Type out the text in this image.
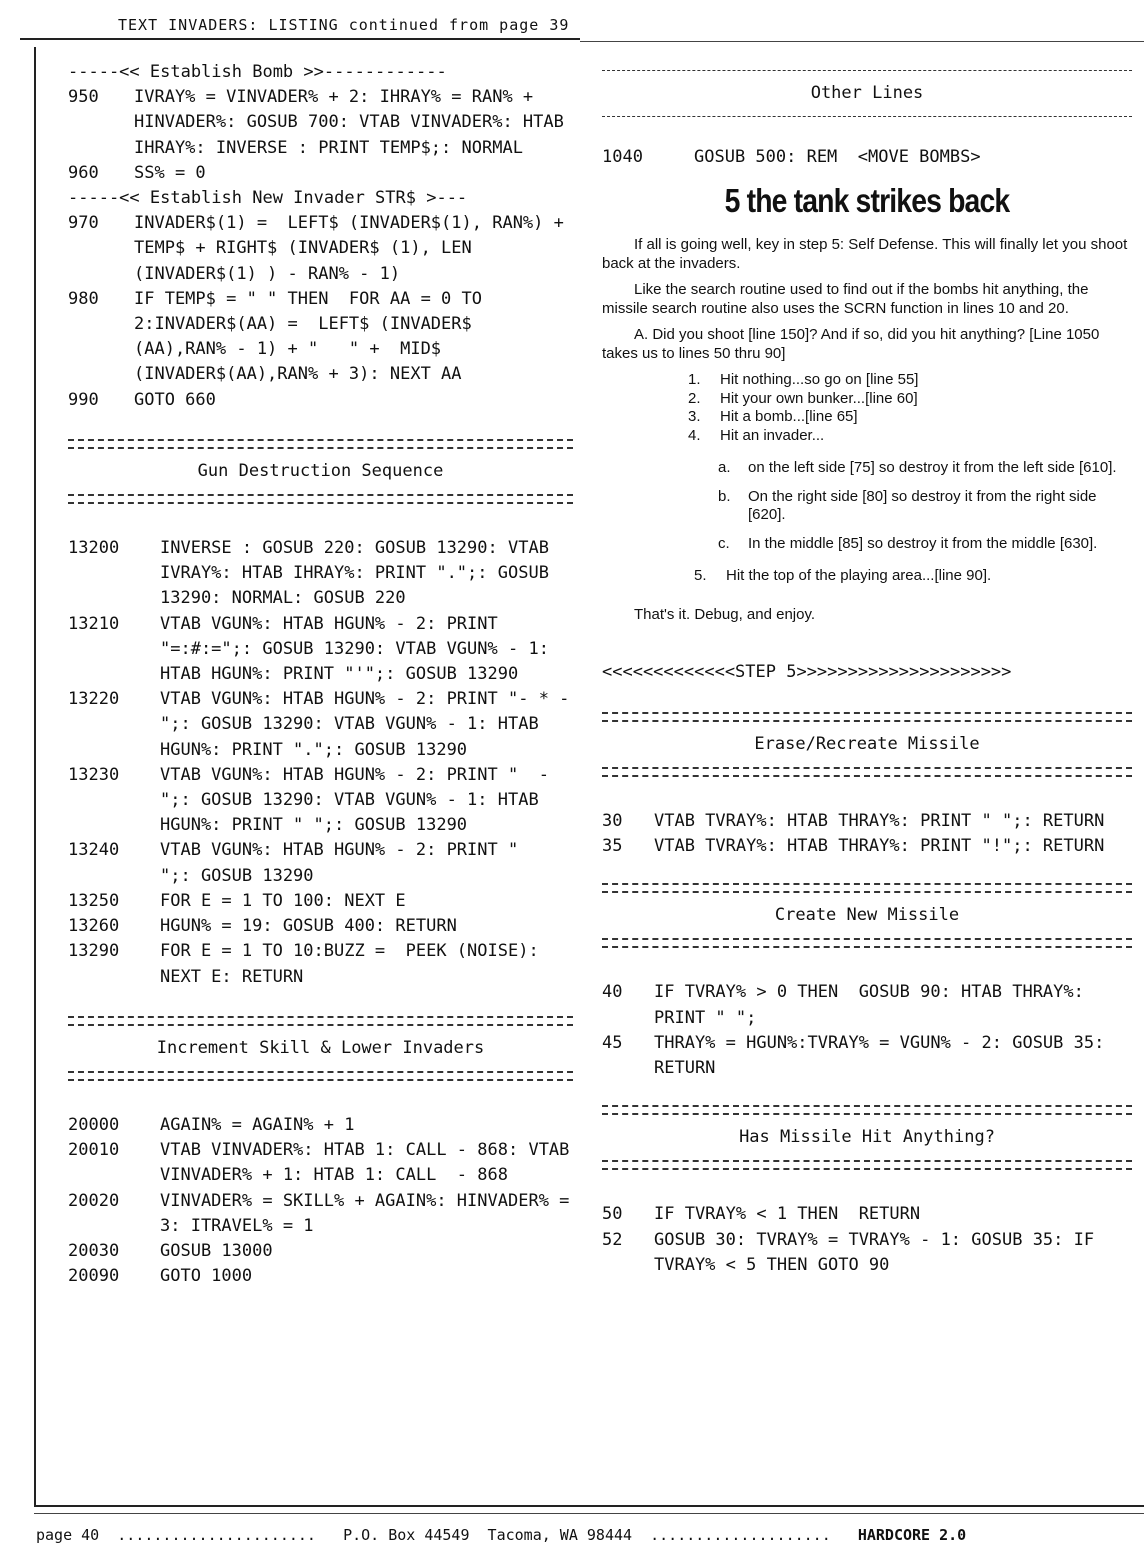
TEXT INVADERS: LISTING continued from page 39
-----<< Establish Bomb >>------------
950	IVRAY% = VINVADER% + 2: IHRAY% = RAN% + HINVADER%: GOSUB 700: VTAB VINVADER%: HTAB IHRAY%: INVERSE : PRINT TEMP$;: NORMAL
960	SS% = 0
-----<< Establish New Invader STR$ >---
970	INVADER$(1) =  LEFT$ (INVADER$(1), RAN%) + TEMP$ + RIGHT$ (INVADER$ (1), LEN (INVADER$(1) ) - RAN% - 1)
980	IF TEMP$ = " " THEN  FOR AA = 0 TO 2:INVADER$(AA) =  LEFT$ (INVADER$ (AA),RAN% - 1) + "   " +  MID$ (INVADER$(AA),RAN% + 3): NEXT AA
990	GOTO 660
Gun Destruction Sequence
13200	INVERSE : GOSUB 220: GOSUB 13290: VTAB IVRAY%: HTAB IHRAY%: PRINT ".";: GOSUB 13290: NORMAL: GOSUB 220
13210	VTAB VGUN%: HTAB HGUN% - 2: PRINT "=:#:=";: GOSUB 13290: VTAB VGUN% - 1: HTAB HGUN%: PRINT "'";: GOSUB 13290
13220	VTAB VGUN%: HTAB HGUN% - 2: PRINT "- * -";: GOSUB 13290: VTAB VGUN% - 1: HTAB HGUN%: PRINT ".";: GOSUB 13290
13230	VTAB VGUN%: HTAB HGUN% - 2: PRINT "  -  ";: GOSUB 13290: VTAB VGUN% - 1: HTAB HGUN%: PRINT " ";: GOSUB 13290
13240	VTAB VGUN%: HTAB HGUN% - 2: PRINT "     ";: GOSUB 13290
13250	FOR E = 1 TO 100: NEXT E
13260	HGUN% = 19: GOSUB 400: RETURN
13290	FOR E = 1 TO 10:BUZZ =  PEEK (NOISE): NEXT E: RETURN
Increment Skill & Lower Invaders
20000	AGAIN% = AGAIN% + 1
20010	VTAB VINVADER%: HTAB 1: CALL - 868: VTAB VINVADER% + 1: HTAB 1: CALL  - 868
20020	VINVADER% = SKILL% + AGAIN%: HINVADER% = 3: ITRAVEL% = 1
20030	GOSUB 13000
20090	GOTO 1000
Other Lines
1040	GOSUB 500: REM  <MOVE BOMBS>
5 the tank strikes back

If all is going well, key in step 5: Self Defense. This will finally let you shoot back at the invaders.

Like the search routine used to find out if the bombs hit anything, the missile search routine also uses the SCRN function in lines 10 and 20.

A. Did you shoot [line 150]? And if so, did you hit anything? [Line 1050 takes us to lines 50 thru 90]

1.	Hit nothing...so go on [line 55]
2.	Hit your own bunker...[line 60]
3.	Hit a bomb...[line 65]
4.	Hit an invader...
a.	on the left side [75] so destroy it from the left side [610].
b.	On the right side [80] so destroy it from the right side [620].
c.	In the middle [85] so destroy it from the middle [630].
5.	Hit the top of the playing area...[line 90].

That's it. Debug, and enjoy.

<<<<<<<<<<<<<STEP 5>>>>>>>>>>>>>>>>>>>>>
Erase/Recreate Missile
30	VTAB TVRAY%: HTAB THRAY%: PRINT " ";: RETURN
35	VTAB TVRAY%: HTAB THRAY%: PRINT "!";: RETURN
Create New Missile
40	IF TVRAY% > 0 THEN  GOSUB 90: HTAB THRAY%: PRINT " ";
45	THRAY% = HGUN%:TVRAY% = VGUN% - 2: GOSUB 35: RETURN
Has Missile Hit Anything?
50	IF TVRAY% < 1 THEN  RETURN
52	GOSUB 30: TVRAY% = TVRAY% - 1: GOSUB 35: IF TVRAY% < 5 THEN GOTO 90
page 40  ......................   P.O. Box 44549  Tacoma, WA 98444  ....................   HARDCORE 2.0
